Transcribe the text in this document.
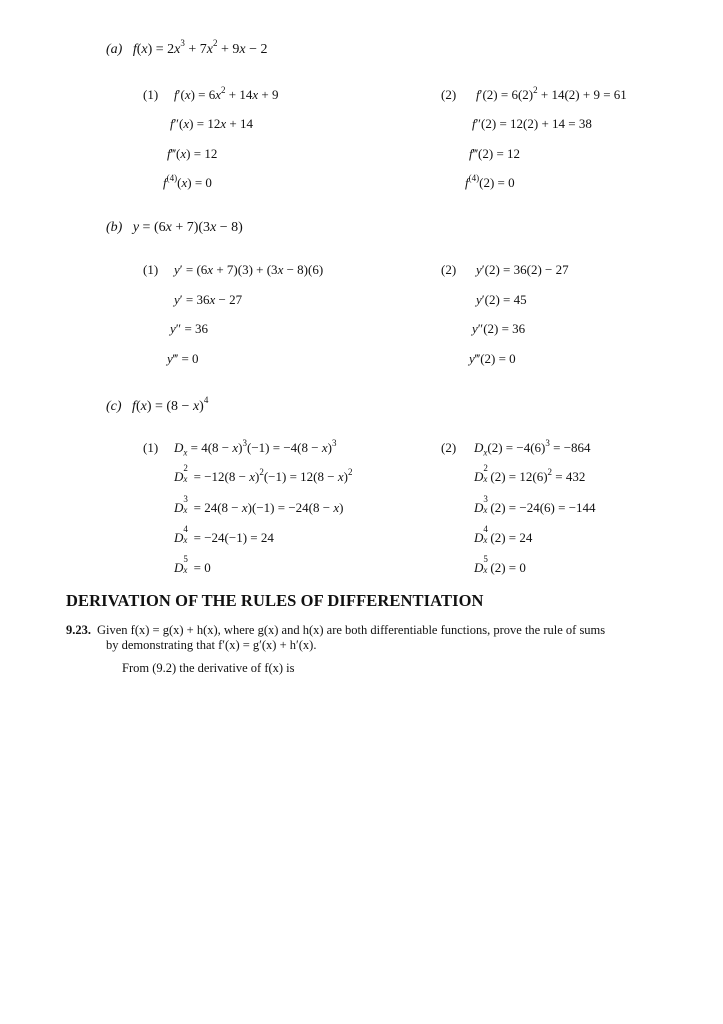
(a) $f(x) = 2x^3 + 7x^2 + 9x - 2$
(1) $f'(x) = 6x^2 + 14x + 9$
f″(x) = 12x + 14
f‴(x) = 12
$f^{(4)}(x) = 0$
(2) $f'(2) = 6(2)^2 + 14(2) + 9 = 61$
f″(2) = 12(2) + 14 = 38
f‴(2) = 12
$f^{(4)}(2) = 0$
(b) y = (6x + 7)(3x − 8)
(1) y′ = (6x + 7)(3) + (3x − 8)(6)
y′ = 36x − 27
y″ = 36
y‴ = 0
(2) y′(2) = 36(2) − 27
y′(2) = 45
y″(2) = 36
y‴(2) = 0
(c) $f(x) = (8 - x)^4$
(1) $D_x = 4(8 - x)^3(-1) = -4(8 - x)^3$
D
2
$x = -12(8 - x)^2(-1) = 12(8 - x)^2$
D
3
x = 24(8 − x)(−1) = −24(8 − x)
D
4
x = −24(−1) = 24
D
5
x = 0
(2) $D_x(2) = -4(6)^3 = -864$
D
2
x $(2) = 12(6)^2 = 432$
D
3
x (2) = −24(6) = −144
D
4
x (2) = 24
D
5
x (2) = 0
DERIVATION OF THE RULES OF DIFFERENTIATION
9.23. Given f(x) = g(x) + h(x), where g(x) and h(x) are both differentiable functions, prove the rule of sums
by demonstrating that f′(x) = g′(x) + h′(x).
From (9.2) the derivative of f(x) is
